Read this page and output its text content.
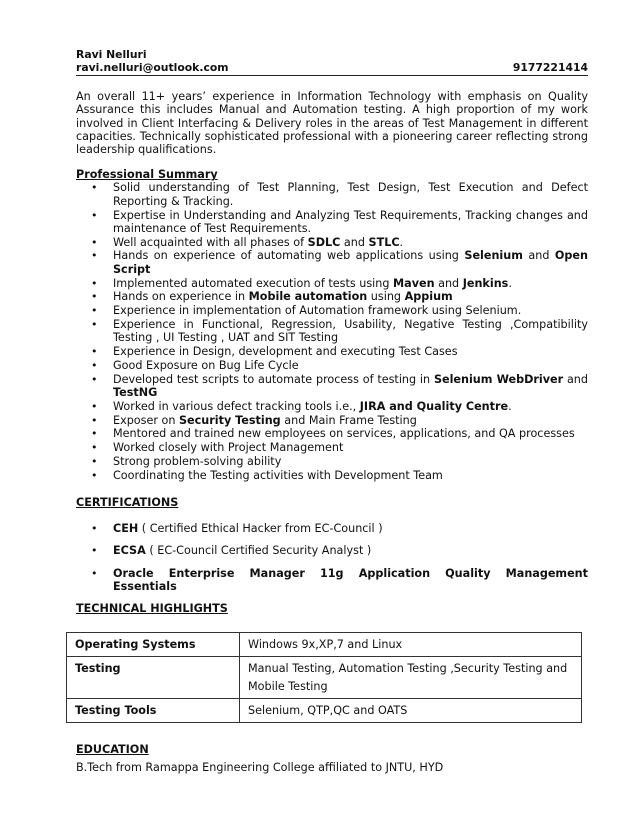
Ravi Nelluri
ravi.nelluri@outlook.com	9177221414
An overall 11+ years’ experience in Information Technology with emphasis on Quality Assurance this includes Manual and Automation testing. A high proportion of my work involved in Client Interfacing & Delivery roles in the areas of Test Management in different capacities. Technically sophisticated professional with a pioneering career reflecting strong leadership qualifications.
Professional Summary
• Solid understanding of Test Planning, Test Design, Test Execution and Defect Reporting & Tracking.
• Expertise in Understanding and Analyzing Test Requirements, Tracking changes and maintenance of Test Requirements.
• Well acquainted with all phases of SDLC and STLC.
• Hands on experience of automating web applications using Selenium and Open Script
• Implemented automated execution of tests using Maven and Jenkins.
• Hands on experience in Mobile automation using Appium
• Experience in implementation of Automation framework using Selenium.
• Experience in Functional, Regression, Usability, Negative Testing ,Compatibility Testing , UI Testing , UAT and SIT Testing
• Experience in Design, development and executing Test Cases
• Good Exposure on Bug Life Cycle
• Developed test scripts to automate process of testing in Selenium WebDriver and TestNG
• Worked in various defect tracking tools i.e., JIRA and Quality Centre.
• Exposer on Security Testing and Main Frame Testing
• Mentored and trained new employees on services, applications, and QA processes
• Worked closely with Project Management
• Strong problem-solving ability
• Coordinating the Testing activities with Development Team
CERTIFICATIONS
• CEH ( Certified Ethical Hacker from EC-Council )
• ECSA ( EC-Council Certified Security Analyst )
• Oracle Enterprise Manager 11g Application Quality Management Essentials
TECHNICAL HIGHLIGHTS
Operating Systems	Windows 9x,XP,7 and Linux
Testing	Manual Testing, Automation Testing ,Security Testing and Mobile Testing
Testing Tools	Selenium, QTP,QC and OATS
EDUCATION
B.Tech from Ramappa Engineering College affiliated to JNTU, HYD
